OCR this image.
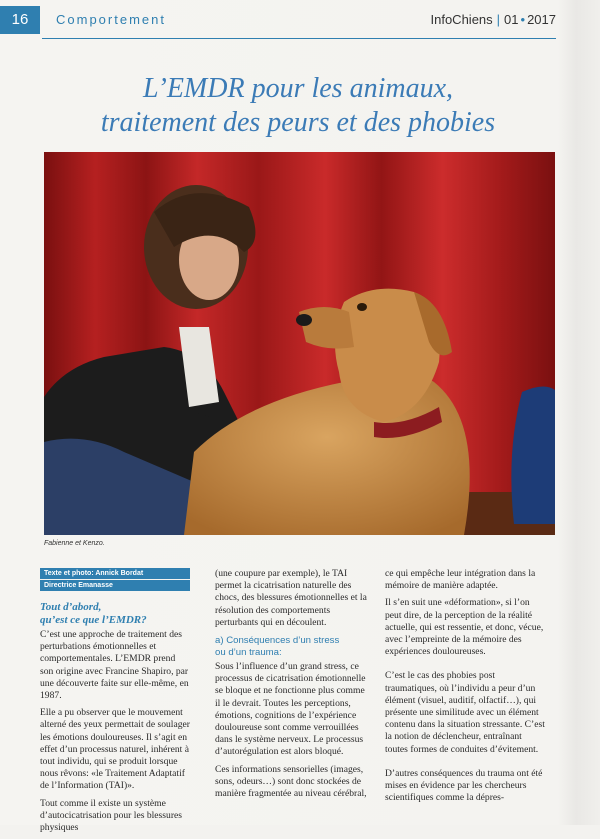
16	Comportement	InfoChiens | 01 • 2017
L’EMDR pour les animaux,
traitement des peurs et des phobies
Fabienne et Kenzo.
Texte et photo: Annick Bordat
Directrice Emanasse
Tout d’abord,
qu’est ce que l’EMDR?

C’est une approche de traitement des perturbations émotionnelles et comportementales. L’EMDR prend son origine avec Francine Shapiro, par une découverte faite sur elle-même, en 1987.

Elle a pu observer que le mouvement alterné des yeux permettait de soulager les émotions douloureuses. Il s’agit en effet d’un processus naturel, inhérent à tout individu, qui se produit lorsque nous rêvons: «le Traitement Adaptatif de l’Information (TAI)».

Tout comme il existe un système d’autocicatrisation pour les blessures physiques

(une coupure par exemple), le TAI permet la cicatrisation naturelle des chocs, des blessures émotionnelles et la résolution des comportements perturbants qui en découlent.

a) Conséquences d’un stress
ou d’un trauma:

Sous l’influence d’un grand stress, ce processus de cicatrisation émotionnelle se bloque et ne fonctionne plus comme il le devrait. Toutes les perceptions, émotions, cognitions de l’expérience douloureuse sont comme verrouillées dans le système nerveux. Le processus d’autorégulation est alors bloqué.

Ces informations sensorielles (images, sons, odeurs…) sont donc stockées de manière fragmentée au niveau cérébral,

ce qui empêche leur intégration dans la mémoire de manière adaptée.

Il s’en suit une «déformation», si l’on peut dire, de la perception de la réalité actuelle, qui est ressentie, et donc, vécue, avec l’empreinte de la mémoire des expériences douloureuses.

C’est le cas des phobies post traumatiques, où l’individu a peur d’un élément (visuel, auditif, olfactif…), qui présente une similitude avec un élément contenu dans la situation stressante. C’est la notion de déclencheur, entraînant toutes formes de conduites d’évitement.

D’autres conséquences du trauma ont été mises en évidence par les chercheurs scientifiques comme la dépres-
